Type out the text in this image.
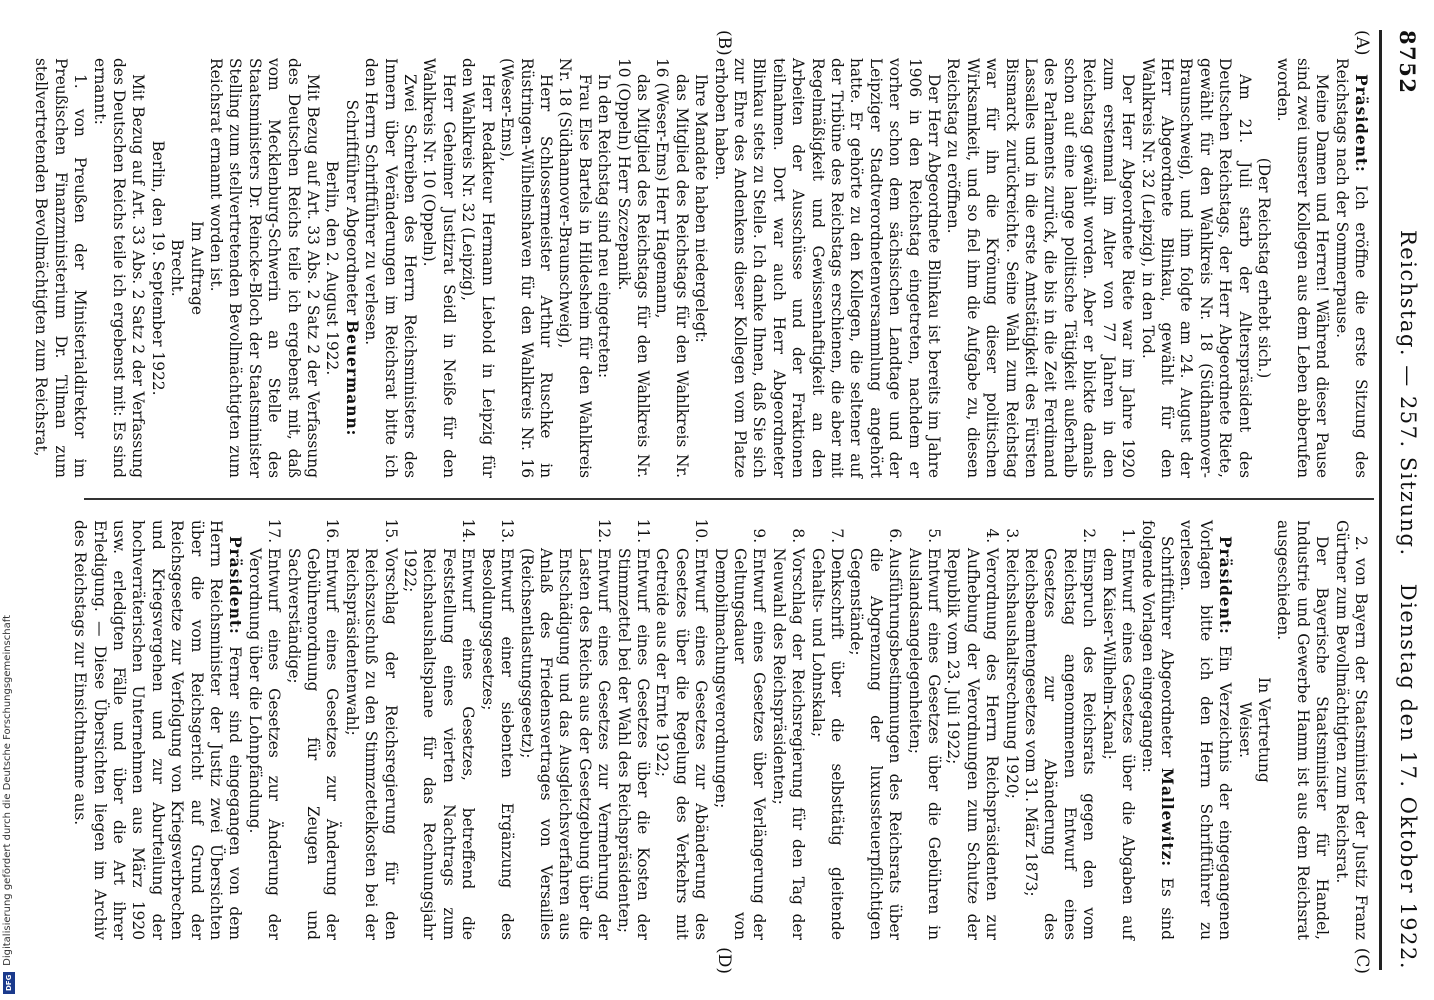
8752
Reichstag. — 257. Sitzung.
Dienstag den 17. Oktober 1922.
(A)
(B)
(C)
(D)

Präsident: Ich eröffne die erste Sitzung des Reichstags nach der Sommerpause.

Meine Damen und Herren! Während dieser Pause sind zwei unserer Kollegen aus dem Leben abberufen worden.

(Der Reichstag erhebt sich.)

Am 21. Juli starb der Alterspräsident des Deutschen Reichstags, der Herr Abgeordnete Riete, gewählt für den Wahlkreis Nr. 18 (Südhannover-Braunschweig), und ihm folgte am 24. August der Herr Abgeordnete Blinkau, gewählt für den Wahlkreis Nr. 32 (Leipzig), in den Tod.

Der Herr Abgeordnete Riete war im Jahre 1920 zum erstenmal im Alter von 77 Jahren in den Reichstag gewählt worden. Aber er blickte damals schon auf eine lange politische Tätigkeit außerhalb des Parlaments zurück, die bis in die Zeit Ferdinand Lassalles und in die erste Amtstätigkeit des Fürsten Bismarck zurückreichte. Seine Wahl zum Reichstag war für ihn die Krönung dieser politischen Wirksamkeit, und so fiel ihm die Aufgabe zu, diesen Reichstag zu eröffnen.

Der Herr Abgeordnete Blinkau ist bereits im Jahre 1906 in den Reichstag eingetreten, nachdem er vorher schon dem sächsischen Landtage und der Leipziger Stadtverordnetenversammlung angehört hatte. Er gehörte zu den Kollegen, die seltener auf der Tribüne des Reichstags erschienen, die aber mit Regelmäßigkeit und Gewissenhaftigkeit an den Arbeiten der Ausschüsse und der Fraktionen teilnahmen. Dort war auch Herr Abgeordneter Blinkau stets zu Stelle. Ich danke Ihnen, daß Sie sich zur Ehre des Andenkens dieser Kollegen vom Platze erhoben haben.

Ihre Mandate haben niedergelegt:

das Mitglied des Reichstags für den Wahlkreis Nr. 16 (Weser-Ems) Herr Hagemann,

das Mitglied des Reichstags für den Wahlkreis Nr. 10 (Oppeln) Herr Szczepanik.

In den Reichstag sind neu eingetreten:

Frau Else Bartels in Hildesheim für den Wahlkreis Nr. 18 (Südhannover-Braunschweig),

Herr Schlossermeister Arthur Ruschke in Rüstringen-Wilhelmshaven für den Wahlkreis Nr. 16 (Weser-Ems),

Herr Redakteur Hermann Liebold in Leipzig für den Wahlkreis Nr. 32 (Leipzig),

Herr Geheimer Justizrat Seidl in Neiße für den Wahlkreis Nr. 10 (Oppeln).

Zwei Schreiben des Herrn Reichsministers des Innern über Veränderungen im Reichsrat bitte ich den Herrn Schriftführer zu verlesen.

Schriftführer Abgeordneter Beuermann:

Berlin, den 2. August 1922.

Mit Bezug auf Art. 33 Abs. 2 Satz 2 der Verfassung des Deutschen Reichs teile ich ergebenst mit, daß vom Mecklenburg-Schwerin an Stelle des Staatsministers Dr. Reincke-Bloch der Staatsminister Stelling zum stellvertretenden Bevollmächtigten zum Reichsrat ernannt worden ist.

Im Auftrage

Brecht.

Berlin, den 19. September 1922.

Mit Bezug auf Art. 33 Abs. 2 Satz 2 der Verfassung des Deutschen Reichs teile ich ergebenst mit: Es sind ernannt:

1. von Preußen der Ministerialdirektor im Preußischen Finanzministerium Dr. Tilman zum stellvertretenden Bevollmächtigten zum Reichsrat,

2. von Bayern der Staatsminister der Justiz Franz Gürtner zum Bevollmächtigten zum Reichsrat.

Der Bayerische Staatsminister für Handel, Industrie und Gewerbe Hamm ist aus dem Reichsrat ausgeschieden.

In Vertretung

Weiser.

Präsident: Ein Verzeichnis der eingegangenen Vorlagen bitte ich den Herrn Schriftführer zu verlesen.

Schriftführer Abgeordneter Mallewitz: Es sind folgende Vorlagen eingegangen:

1. Entwurf eines Gesetzes über die Abgaben auf dem Kaiser-Wilhelm-Kanal;
2. Einspruch des Reichsrats gegen den vom Reichstag angenommenen Entwurf eines Gesetzes zur Abänderung des Reichsbeamtengesetzes vom 31. März 1873;
3. Reichshaushaltsrechnung 1920;
4. Verordnung des Herrn Reichspräsidenten zur Aufhebung der Verordnungen zum Schutze der Republik vom 23. Juli 1922;
5. Entwurf eines Gesetzes über die Gebühren in Auslandsangelegenheiten;
6. Ausführungsbestimmungen des Reichsrats über die Abgrenzung der luxussteuerpflichtigen Gegenstände;
7. Denkschrift über die selbsttätig gleitende Gehalts- und Lohnskala;
8. Vorschlag der Reichsregierung für den Tag der Neuwahl des Reichspräsidenten;
9. Entwurf eines Gesetzes über Verlängerung der Geltungsdauer von Demobilmachungsverordnungen;
10. Entwurf eines Gesetzes zur Abänderung des Gesetzes über die Regelung des Verkehrs mit Getreide aus der Ernte 1922;
11. Entwurf eines Gesetzes über die Kosten der Stimmzettel bei der Wahl des Reichspräsidenten;
12. Entwurf eines Gesetzes zur Vermehrung der Lasten des Reichs aus der Gesetzgebung über die Entschädigung und das Ausgleichsverfahren aus Anlaß des Friedensvertrages von Versailles (Reichsentlastungsgesetz);
13. Entwurf einer siebenten Ergänzung des Besoldungsgesetzes;
14. Entwurf eines Gesetzes, betreffend die Feststellung eines vierten Nachtrags zum Reichshaushaltsplane für das Rechnungsjahr 1922;
15. Vorschlag der Reichsregierung für den Reichszuschuß zu den Stimmzettelkosten bei der Reichspräsidentenwahl;
16. Entwurf eines Gesetzes zur Änderung der Gebührenordnung für Zeugen und Sachverständige;
17. Entwurf eines Gesetzes zur Änderung der Verordnung über die Lohnpfändung.

Präsident: Ferner sind eingegangen von dem Herrn Reichsminister der Justiz zwei Übersichten über die vom Reichsgericht auf Grund der Reichsgesetze zur Verfolgung von Kriegsverbrechen und Kriegsvergehen und zur Aburteilung der hochverräterischen Unternehmen aus März 1920 usw. erledigten Fälle und über die Art ihrer Erledigung. — Diese Übersichten liegen im Archiv des Reichstags zur Einsichtnahme aus.

Digitalisierung gefördert durch die Deutsche Forschungsgemeinschaft
DFG
